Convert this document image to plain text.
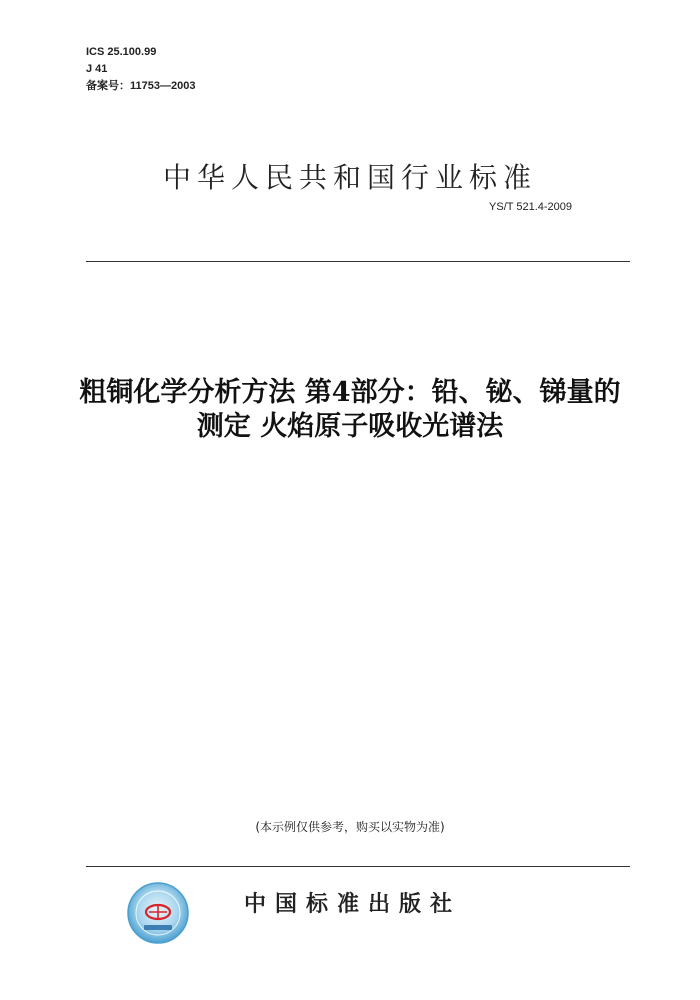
ICS 25.100.99
J 41
备案号：11753—2003
中华人民共和国行业标准
YS/T 521.4-2009
粗铜化学分析方法 第4部分：铅、铋、锑量的
测定 火焰原子吸收光谱法
(本示例仅供参考，购买以实物为准)
中国标准出版社
